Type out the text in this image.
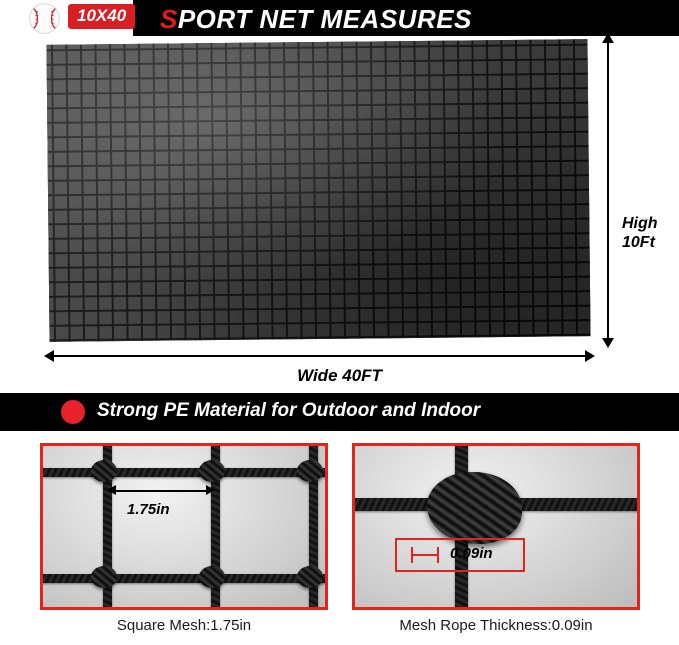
10X40	SPORT NET MEASURES
High
10Ft
Wide 40FT
Strong PE Material for Outdoor and Indoor
1.75in
0.09in
Square Mesh:1.75in	Mesh Rope Thickness:0.09in
